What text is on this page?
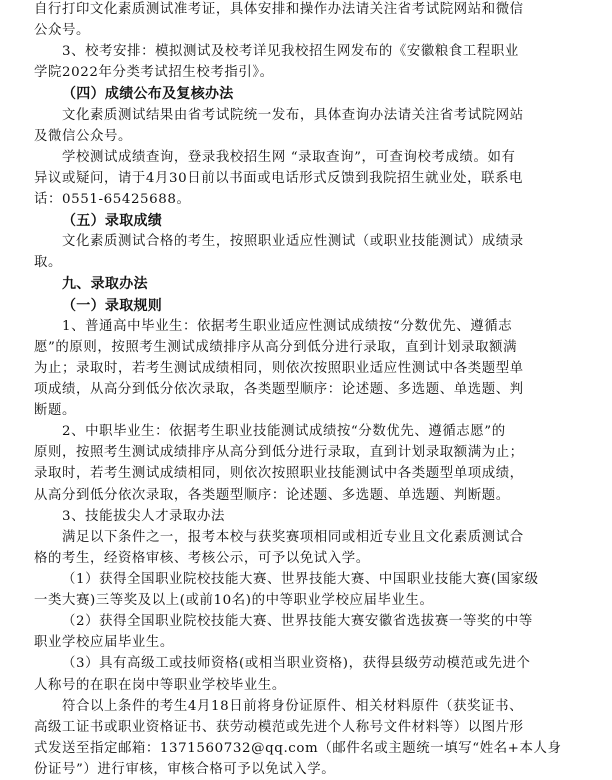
自行打印文化素质测试准考证，具体安排和操作办法请关注省考试院网站和微信

公众号。

3、校考安排：模拟测试及校考详见我校招生网发布的《安徽粮食工程职业

学院2022年分类考试招生校考指引》。

（四）成绩公布及复核办法

文化素质测试结果由省考试院统一发布，具体查询办法请关注省考试院网站

及微信公众号。

学校测试成绩查询，登录我校招生网 “录取查询”，可查询校考成绩。如有

异议或疑问，请于4月30日前以书面或电话形式反馈到我院招生就业处，联系电

话：0551-65425688。

（五）录取成绩

文化素质测试合格的考生，按照职业适应性测试（或职业技能测试）成绩录

取。

九、录取办法

（一）录取规则

1、普通高中毕业生：依据考生职业适应性测试成绩按“分数优先、遵循志

愿”的原则，按照考生测试成绩排序从高分到低分进行录取，直到计划录取额满

为止；录取时，若考生测试成绩相同，则依次按照职业适应性测试中各类题型单

项成绩，从高分到低分依次录取，各类题型顺序：论述题、多选题、单选题、判

断题。

2、中职毕业生：依据考生职业技能测试成绩按“分数优先、遵循志愿”的

原则，按照考生测试成绩排序从高分到低分进行录取，直到计划录取额满为止；

录取时，若考生测试成绩相同，则依次按照职业技能测试中各类题型单项成绩，

从高分到低分依次录取，各类题型顺序：论述题、多选题、单选题、判断题。

3、技能拔尖人才录取办法

满足以下条件之一，报考本校与获奖赛项相同或相近专业且文化素质测试合

格的考生，经资格审核、考核公示，可予以免试入学。

（1）获得全国职业院校技能大赛、世界技能大赛、中国职业技能大赛(国家级

一类大赛)三等奖及以上(或前10名)的中等职业学校应届毕业生。

（2）获得全国职业院校技能大赛、世界技能大赛安徽省选拔赛一等奖的中等

职业学校应届毕业生。

（3）具有高级工或技师资格(或相当职业资格)，获得县级劳动模范或先进个

人称号的在职在岗中等职业学校毕业生。

符合以上条件的考生4月18日前将身份证原件、相关材料原件（获奖证书、

高级工证书或职业资格证书、获劳动模范或先进个人称号文件材料等）以图片形

式发送至指定邮箱：1371560732@qq.com（邮件名或主题统一填写“姓名+本人身

份证号”）进行审核，审核合格可予以免试入学。
